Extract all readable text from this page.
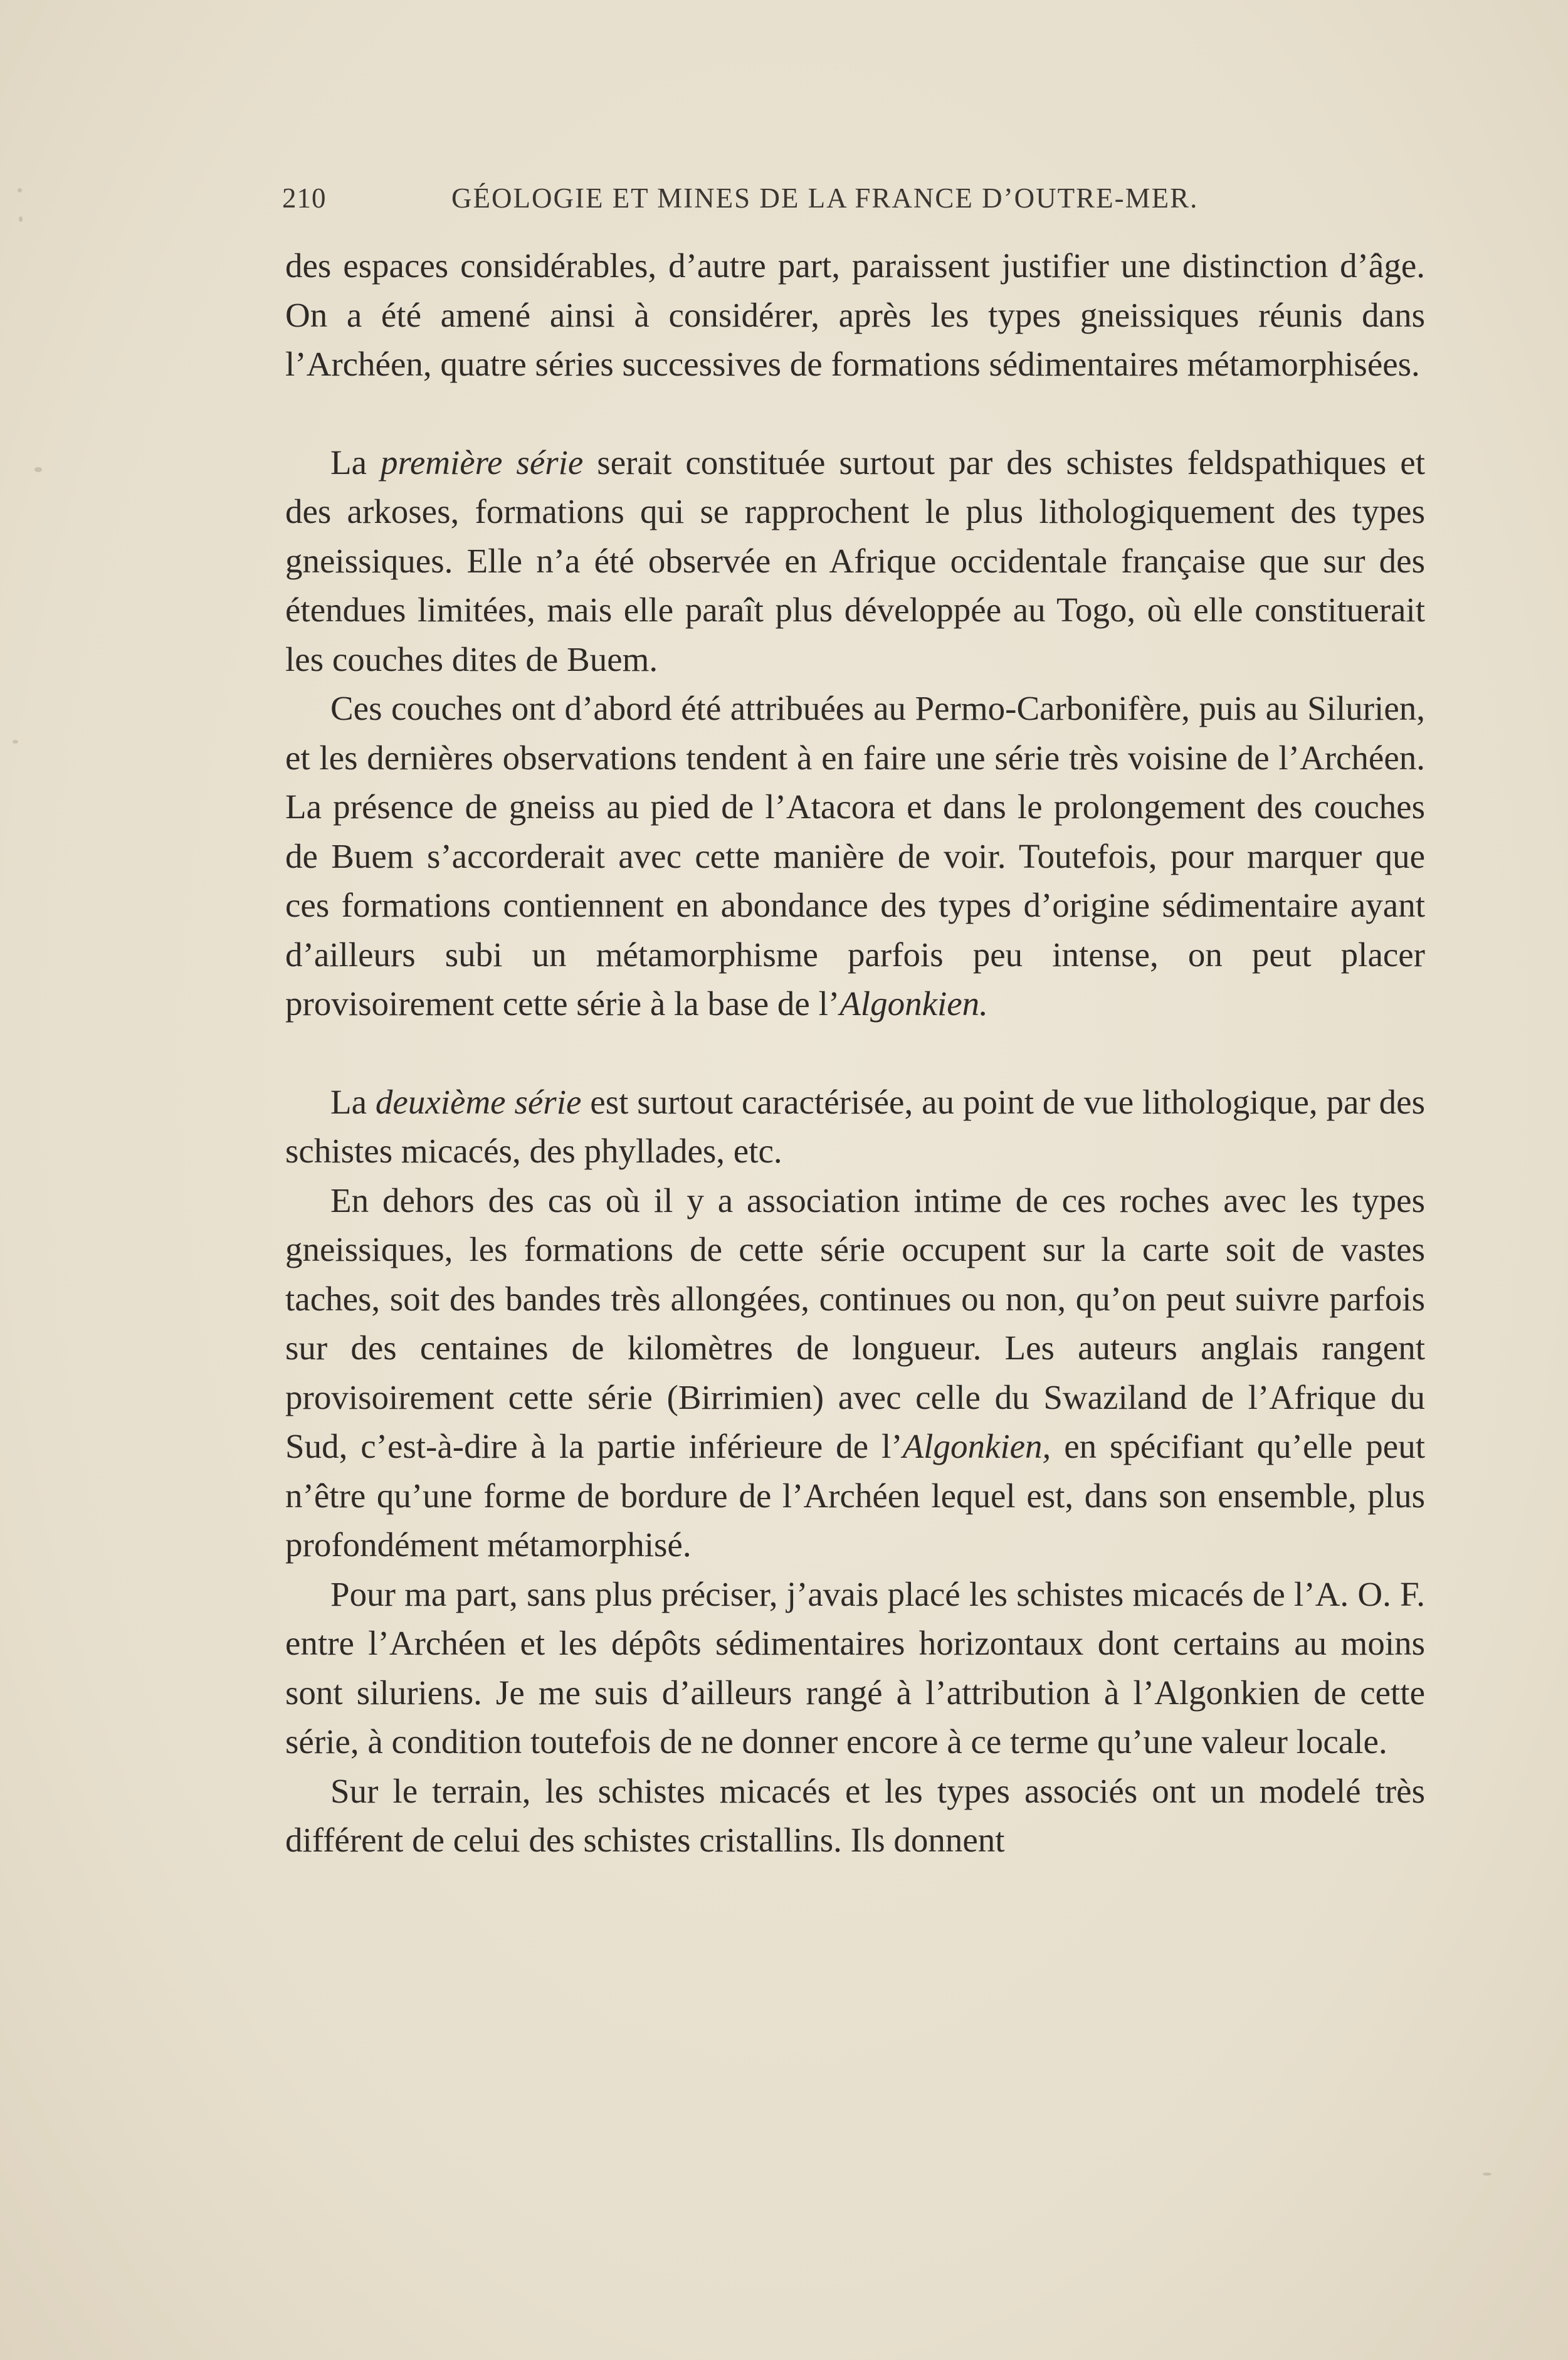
210	GÉOLOGIE ET MINES DE LA FRANCE D’OUTRE-MER.

des espaces considérables, d’autre part, paraissent justifier une distinction d’âge. On a été amené ainsi à considérer, après les types gneissiques réunis dans l’Archéen, quatre séries successives de formations sédimentaires métamorphisées.

La première série serait constituée surtout par des schistes feldspathiques et des arkoses, formations qui se rapprochent le plus lithologiquement des types gneissiques. Elle n’a été observée en Afrique occidentale française que sur des étendues limitées, mais elle paraît plus développée au Togo, où elle constituerait les couches dites de Buem.

Ces couches ont d’abord été attribuées au Permo-Carbonifère, puis au Silurien, et les dernières observations tendent à en faire une série très voisine de l’Archéen. La présence de gneiss au pied de l’Atacora et dans le prolongement des couches de Buem s’accorderait avec cette manière de voir. Toutefois, pour marquer que ces formations contiennent en abondance des types d’origine sédimentaire ayant d’ailleurs subi un métamorphisme parfois peu intense, on peut placer provisoirement cette série à la base de l’Algonkien.

La deuxième série est surtout caractérisée, au point de vue lithologique, par des schistes micacés, des phyllades, etc.

En dehors des cas où il y a association intime de ces roches avec les types gneissiques, les formations de cette série occupent sur la carte soit de vastes taches, soit des bandes très allongées, continues ou non, qu’on peut suivre parfois sur des centaines de kilomètres de longueur. Les auteurs anglais rangent provisoirement cette série (Birrimien) avec celle du Swaziland de l’Afrique du Sud, c’est-à-dire à la partie inférieure de l’Algonkien, en spécifiant qu’elle peut n’être qu’une forme de bordure de l’Archéen lequel est, dans son ensemble, plus profondément métamorphisé.

Pour ma part, sans plus préciser, j’avais placé les schistes micacés de l’A. O. F. entre l’Archéen et les dépôts sédimentaires horizontaux dont certains au moins sont siluriens. Je me suis d’ailleurs rangé à l’attribution à l’Algonkien de cette série, à condition toutefois de ne donner encore à ce terme qu’une valeur locale.

Sur le terrain, les schistes micacés et les types associés ont un modelé très différent de celui des schistes cristallins. Ils donnent
